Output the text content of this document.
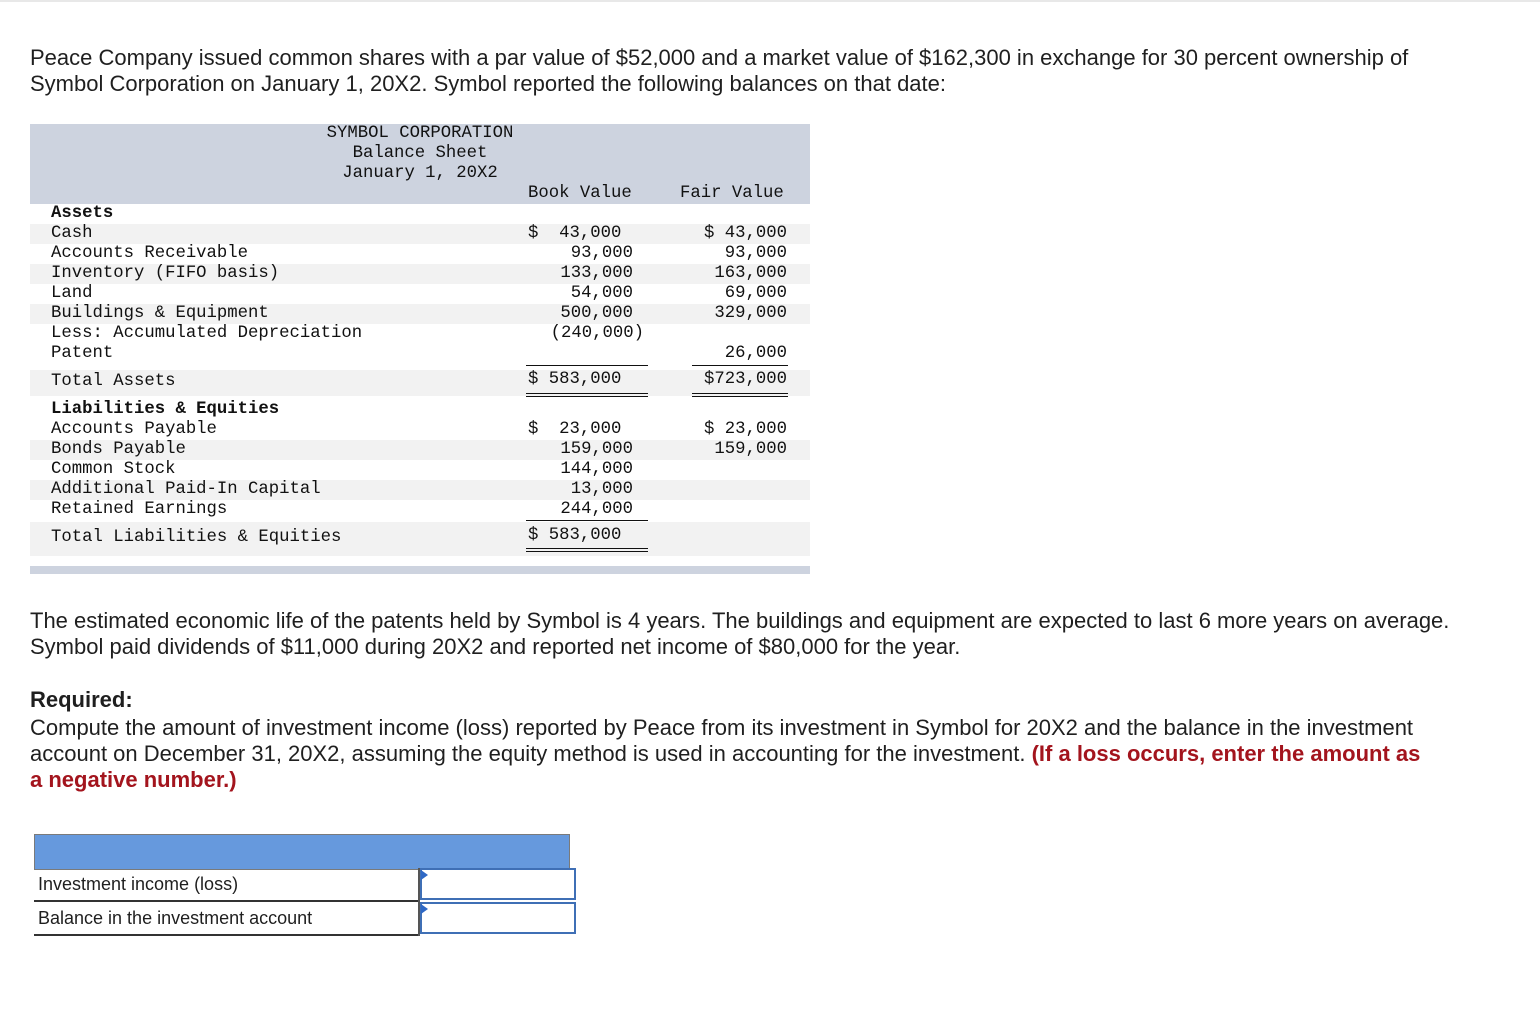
Peace Company issued common shares with a par value of $52,000 and a market value of $162,300 in exchange for 30 percent ownership of Symbol Corporation on January 1, 20X2. Symbol reported the following balances on that date:

SYMBOL CORPORATION
Balance Sheet
January 1, 20X2
Book Value	Fair Value
Assets
Cash	$  43,000	$ 43,000
Accounts Receivable	93,000	93,000
Inventory (FIFO basis)	133,000	163,000
Land	54,000	69,000
Buildings & Equipment	500,000	329,000
Less: Accumulated Depreciation	(240,000)
Patent	26,000
Total Assets	$ 583,000	$723,000
Liabilities & Equities
Accounts Payable	$  23,000	$ 23,000
Bonds Payable	159,000	159,000
Common Stock	144,000
Additional Paid-In Capital	13,000
Retained Earnings	244,000
Total Liabilities & Equities	$ 583,000

The estimated economic life of the patents held by Symbol is 4 years. The buildings and equipment are expected to last 6 more years on average. Symbol paid dividends of $11,000 during 20X2 and reported net income of $80,000 for the year.

Required:

Compute the amount of investment income (loss) reported by Peace from its investment in Symbol for 20X2 and the balance in the investment account on December 31, 20X2, assuming the equity method is used in accounting for the investment. (If a loss occurs, enter the amount as a negative number.)

Investment income (loss)
Balance in the investment account
